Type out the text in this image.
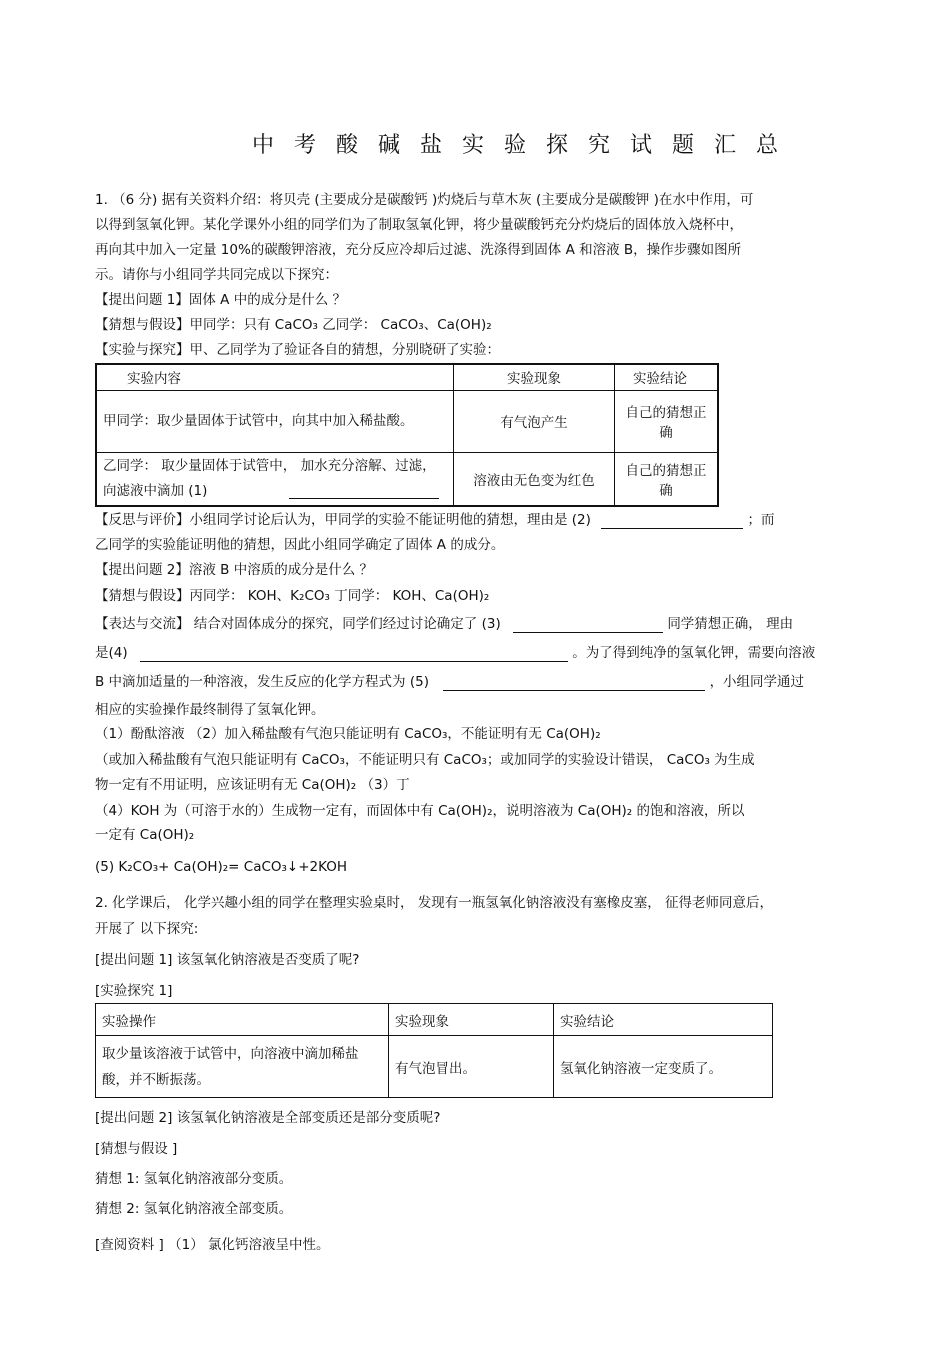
中考酸碱盐实验探究试题汇总
1. （6 分) 据有关资料介绍：将贝壳 (主要成分是碳酸钙 )灼烧后与草木灰 (主要成分是碳酸钾 )在水中作用，可
以得到氢氧化钾。某化学课外小组的同学们为了制取氢氧化钾，将少量碳酸钙充分灼烧后的固体放入烧杯中，
再向其中加入一定量 10%的碳酸钾溶液，充分反应冷却后过滤、洗涤得到固体 A 和溶液 B，操作步骤如图所
示。请你与小组同学共同完成以下探究：
【提出问题 1】固体 A 中的成分是什么 ？
【猜想与假设】甲同学：只有 CaCO₃ 乙同学： CaCO₃、Ca(OH)₂
【实验与探究】甲、乙同学为了验证各自的猜想，分别晓研了实验：
实验内容	实验现象	实验结论
甲同学：取少量固体于试管中，向其中加入稀盐酸。	有气泡产生	自己的猜想正确
乙同学： 取少量固体于试管中， 加水充分溶解、过滤，向滤液中滴加 (1)	溶液由无色变为红色	自己的猜想正确
【反思与评价】小组同学讨论后认为，甲同学的实验不能证明他的猜想，理由是 (2)	；而
乙同学的实验能证明他的猜想，因此小组同学确定了固体 A 的成分。
【提出问题 2】溶液 B 中溶质的成分是什么 ？
【猜想与假设】丙同学： KOH、K₂CO₃ 丁同学： KOH、Ca(OH)₂
【表达与交流】 结合对固体成分的探究，同学们经过讨论确定了 (3)	同学猜想正确， 理由
是(4)	。为了得到纯净的氢氧化钾，需要向溶液
B 中滴加适量的一种溶液，发生反应的化学方程式为 (5)	，小组同学通过
相应的实验操作最终制得了氢氧化钾。
（1）酚酞溶液 （2）加入稀盐酸有气泡只能证明有 CaCO₃，不能证明有无 Ca(OH)₂
（或加入稀盐酸有气泡只能证明有 CaCO₃，不能证明只有 CaCO₃；或加同学的实验设计错误， CaCO₃ 为生成
物一定有不用证明，应该证明有无 Ca(OH)₂ （3）丁
（4）KOH 为（可溶于水的）生成物一定有，而固体中有 Ca(OH)₂，说明溶液为 Ca(OH)₂ 的饱和溶液，所以
一定有 Ca(OH)₂
(5) K₂CO₃+ Ca(OH)₂= CaCO₃↓+2KOH
2. 化学课后， 化学兴趣小组的同学在整理实验桌时， 发现有一瓶氢氧化钠溶液没有塞橡皮塞， 征得老师同意后，
开展了 以下探究:
[提出问题 1] 该氢氧化钠溶液是否变质了呢?
[实验探究 1]
实验操作	实验现象	实验结论
取少量该溶液于试管中，向溶液中滴加稀盐酸，并不断振荡。	有气泡冒出。	氢氧化钠溶液一定变质了。
[提出问题 2] 该氢氧化钠溶液是全部变质还是部分变质呢?
[猜想与假设 ]
猜想 1: 氢氧化钠溶液部分变质。
猜想 2: 氢氧化钠溶液全部变质。
[查阅资料 ] （1） 氯化钙溶液呈中性。
